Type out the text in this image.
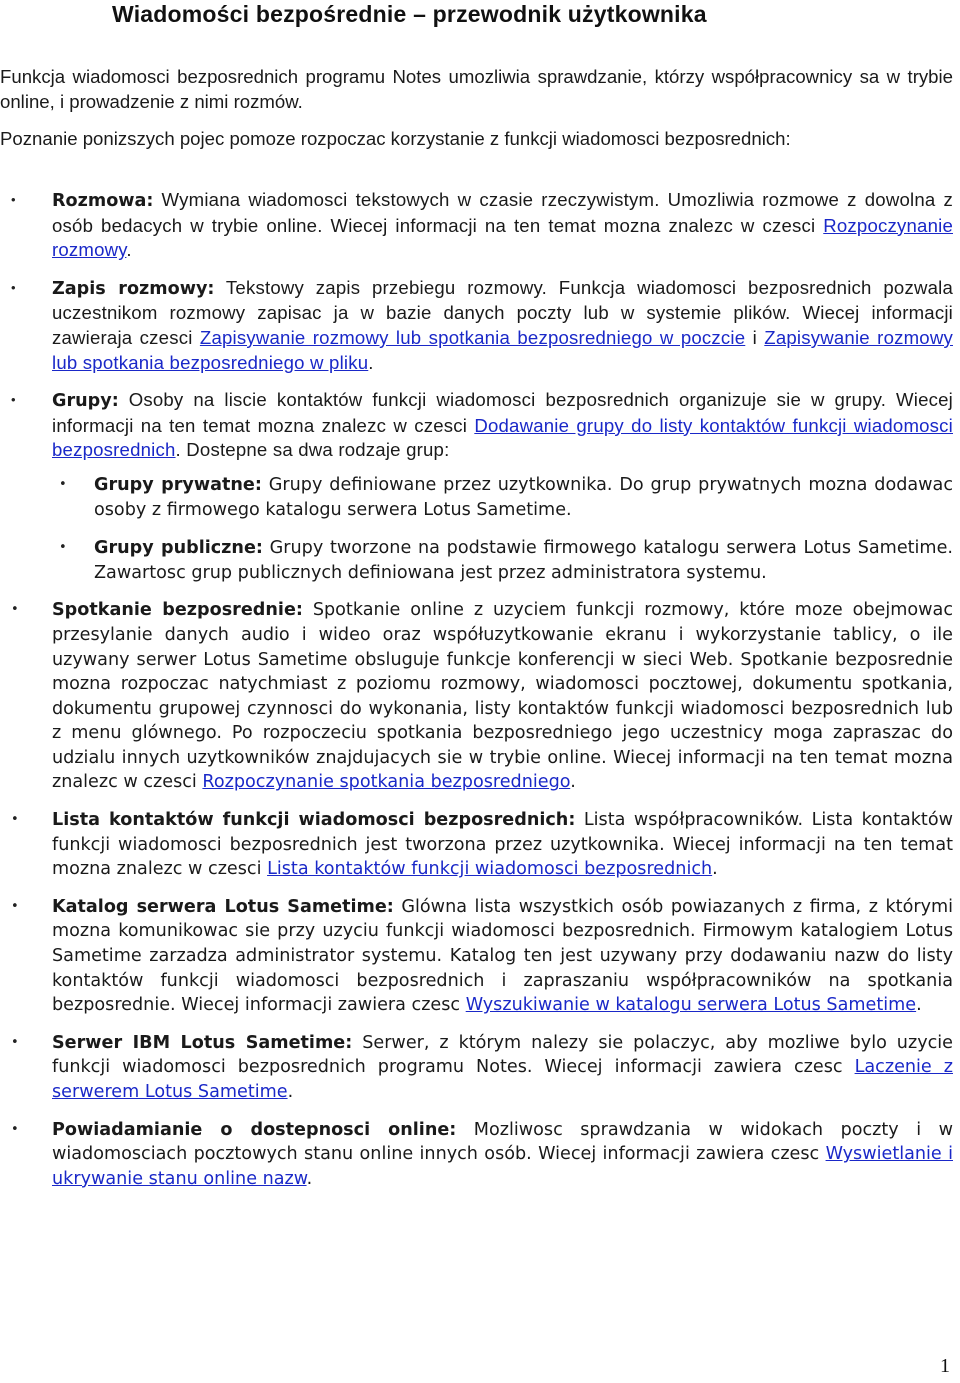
Wiadomości bezpośrednie – przewodnik użytkownika

Funkcja wiadomosci bezposrednich programu Notes umozliwia sprawdzanie, którzy współpracownicy sa w trybie online, i prowadzenie z nimi rozmów.

Poznanie ponizszych pojec pomoze rozpoczac korzystanie z funkcji wiadomosci bezposrednich:

• Rozmowa: Wymiana wiadomosci tekstowych w czasie rzeczywistym. Umozliwia rozmowe z dowolna z osób bedacych w trybie online. Wiecej informacji na ten temat mozna znalezc w czesci Rozpoczynanie rozmowy.
• Zapis rozmowy: Tekstowy zapis przebiegu rozmowy. Funkcja wiadomosci bezposrednich pozwala uczestnikom rozmowy zapisac ja w bazie danych poczty lub w systemie plików. Wiecej informacji zawieraja czesci Zapisywanie rozmowy lub spotkania bezposredniego w poczcie i Zapisywanie rozmowy lub spotkania bezposredniego w pliku.
• Grupy: Osoby na liscie kontaktów funkcji wiadomosci bezposrednich organizuje sie w grupy. Wiecej informacji na ten temat mozna znalezc w czesci Dodawanie grupy do listy kontaktów funkcji wiadomosci bezposrednich. Dostepne sa dwa rodzaje grup:
• Grupy prywatne: Grupy definiowane przez uzytkownika. Do grup prywatnych mozna dodawac osoby z firmowego katalogu serwera Lotus Sametime.
• Grupy publiczne: Grupy tworzone na podstawie firmowego katalogu serwera Lotus Sametime. Zawartosc grup publicznych definiowana jest przez administratora systemu.
• Spotkanie bezposrednie: Spotkanie online z uzyciem funkcji rozmowy, które moze obejmowac przesylanie danych audio i wideo oraz współuzytkowanie ekranu i wykorzystanie tablicy, o ile uzywany serwer Lotus Sametime obsluguje funkcje konferencji w sieci Web. Spotkanie bezposrednie mozna rozpoczac natychmiast z poziomu rozmowy, wiadomosci pocztowej, dokumentu spotkania, dokumentu grupowej czynnosci do wykonania, listy kontaktów funkcji wiadomosci bezposrednich lub z menu glównego. Po rozpoczeciu spotkania bezposredniego jego uczestnicy moga zapraszac do udzialu innych uzytkowników znajdujacych sie w trybie online. Wiecej informacji na ten temat mozna znalezc w czesci Rozpoczynanie spotkania bezposredniego.
• Lista kontaktów funkcji wiadomosci bezposrednich: Lista współpracowników. Lista kontaktów funkcji wiadomosci bezposrednich jest tworzona przez uzytkownika. Wiecej informacji na ten temat mozna znalezc w czesci Lista kontaktów funkcji wiadomosci bezposrednich.
• Katalog serwera Lotus Sametime: Glówna lista wszystkich osób powiazanych z firma, z którymi mozna komunikowac sie przy uzyciu funkcji wiadomosci bezposrednich. Firmowym katalogiem Lotus Sametime zarzadza administrator systemu. Katalog ten jest uzywany przy dodawaniu nazw do listy kontaktów funkcji wiadomosci bezposrednich i zapraszaniu współpracowników na spotkania bezposrednie. Wiecej informacji zawiera czesc Wyszukiwanie w katalogu serwera Lotus Sametime.
• Serwer IBM Lotus Sametime: Serwer, z którym nalezy sie polaczyc, aby mozliwe bylo uzycie funkcji wiadomosci bezposrednich programu Notes. Wiecej informacji zawiera czesc Laczenie z serwerem Lotus Sametime.
• Powiadamianie o dostepnosci online: Mozliwosc sprawdzania w widokach poczty i w wiadomosciach pocztowych stanu online innych osób. Wiecej informacji zawiera czesc Wyswietlanie i ukrywanie stanu online nazw.
1
